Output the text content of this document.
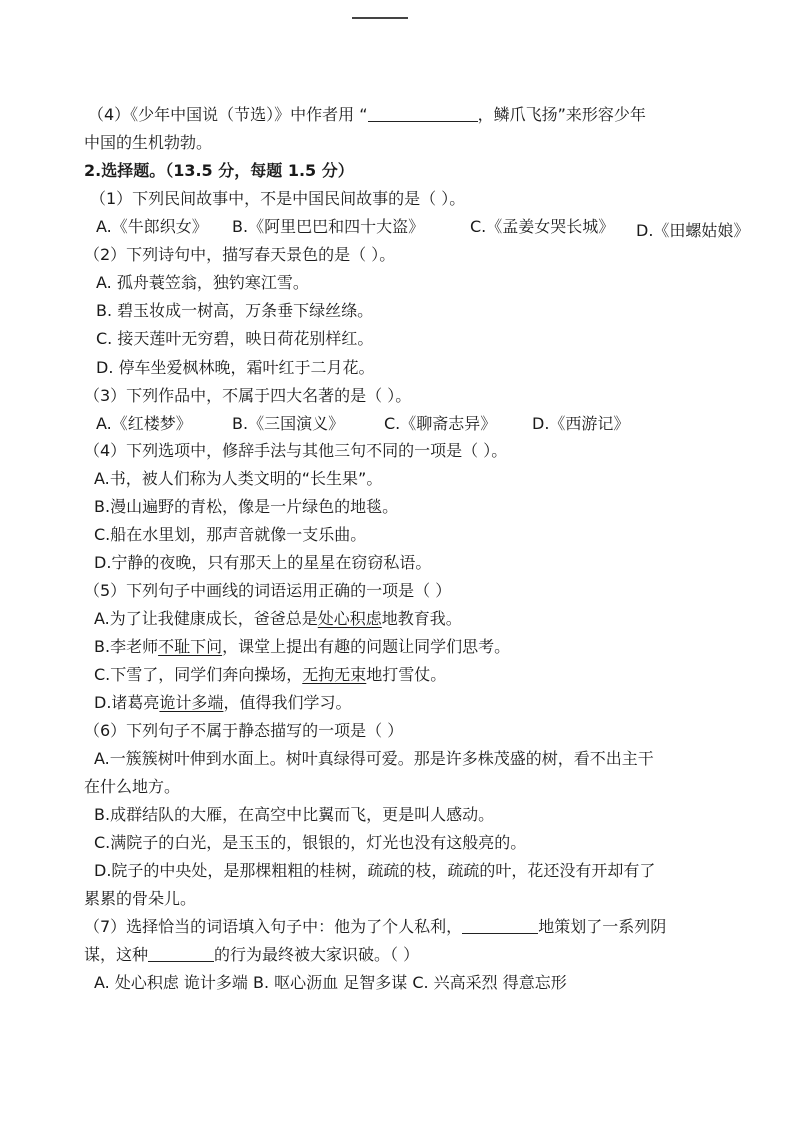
（4）《少年中国说（节选）》中作者用 “	，鳞爪飞扬”来形容少年
中国的生机勃勃。
2.选择题。（13.5 分，每题 1.5 分）
（1）下列民间故事中，不是中国民间故事的是（ ）。
A.《牛郎织女》 B.《阿里巴巴和四十大盗》	C.《孟姜女哭长城》 D.《田螺姑娘》
（2）下列诗句中，描写春天景色的是（ ）。
A. 孤舟蓑笠翁，独钓寒江雪。
B. 碧玉妆成一树高，万条垂下绿丝绦。
C. 接天莲叶无穷碧，映日荷花别样红。
D. 停车坐爱枫林晚，霜叶红于二月花。
（3）下列作品中，不属于四大名著的是（ ）。
A.《红楼梦》	B.《三国演义》 C.《聊斋志异》 D.《西游记》
（4）下列选项中，修辞手法与其他三句不同的一项是（ ）。
A.书，被人们称为人类文明的“长生果”。
B.漫山遍野的青松，像是一片绿色的地毯。
C.船在水里划，那声音就像一支乐曲。
D.宁静的夜晚，只有那天上的星星在窃窃私语。
（5）下列句子中画线的词语运用正确的一项是（ ）
A.为了让我健康成长，爸爸总是处心积虑地教育我。
B.李老师不耻下问，课堂上提出有趣的问题让同学们思考。
C.下雪了，同学们奔向操场，无拘无束地打雪仗。
D.诸葛亮诡计多端，值得我们学习。
（6）下列句子不属于静态描写的一项是（ ）
A.一簇簇树叶伸到水面上。树叶真绿得可爱。那是许多株茂盛的树，看不出主干
在什么地方。
B.成群结队的大雁，在高空中比翼而飞，更是叫人感动。
C.满院子的白光，是玉玉的，银银的，灯光也没有这般亮的。
D.院子的中央处，是那棵粗粗的桂树，疏疏的枝，疏疏的叶，花还没有开却有了
累累的骨朵儿。
（7）选择恰当的词语填入句子中：他为了个人私利，	地策划了一系列阴
谋，这种	的行为最终被大家识破。（ ）
A. 处心积虑 诡计多端 B. 呕心沥血 足智多谋 C. 兴高采烈 得意忘形
